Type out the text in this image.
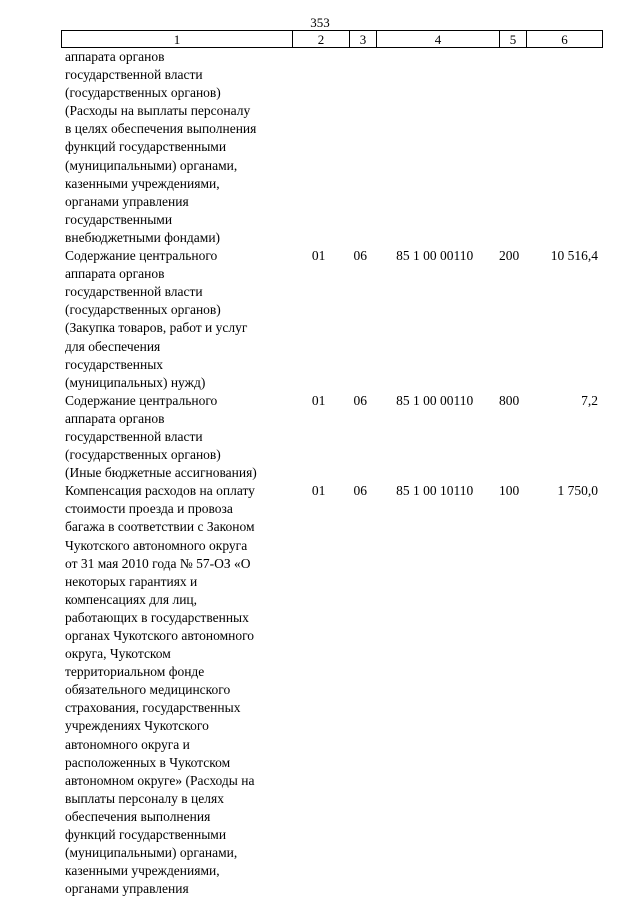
353
1	2	3	4	5	6
аппарата органов
государственной власти
(государственных органов)
(Расходы на выплаты персоналу
в целях обеспечения выполнения
функций государственными
(муниципальными) органами,
казенными учреждениями,
органами управления
государственными
внебюджетными фондами)
Содержание центрального
аппарата органов
государственной власти
(государственных органов)
(Закупка товаров, работ и услуг
для обеспечения
государственных
(муниципальных) нужд)
01	06	85 1 00 00110	200	10 516,4
Содержание центрального
аппарата органов
государственной власти
(государственных органов)
(Иные бюджетные ассигнования)
01	06	85 1 00 00110	800	7,2
Компенсация расходов на оплату
стоимости проезда и провоза
багажа в соответствии с Законом
Чукотского автономного округа
от 31 мая 2010 года № 57-ОЗ «О
некоторых гарантиях и
компенсациях для лиц,
работающих в государственных
органах Чукотского автономного
округа, Чукотском
территориальном фонде
обязательного медицинского
страхования, государственных
учреждениях Чукотского
автономного округа и
расположенных в Чукотском
автономном округе» (Расходы на
выплаты персоналу в целях
обеспечения выполнения
функций государственными
(муниципальными) органами,
казенными учреждениями,
органами управления
01	06	85 1 00 10110	100	1 750,0
